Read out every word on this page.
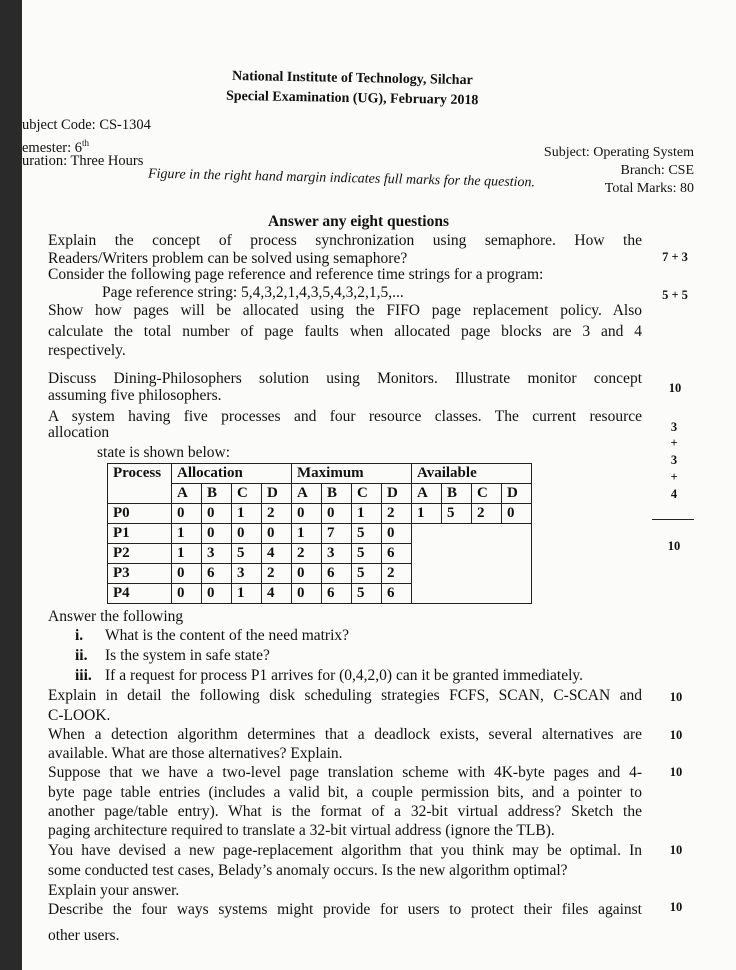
National Institute of Technology, Silchar
Special Examination (UG), February 2018
ubject Code: CS-1304
emester: 6th
uration: Three Hours
Subject: Operating System
Branch: CSE
Total Marks: 80
Figure in the right hand margin indicates full marks for the question.
Answer any eight questions
Explain the concept of process synchronization using semaphore. How the
Readers/Writers problem can be solved using semaphore?	7 + 3
Consider the following page reference and reference time strings for a program:
Page reference string: 5,4,3,2,1,4,3,5,4,3,2,1,5,...
Show how pages will be allocated using the FIFO page replacement policy. Also
calculate the total number of page faults when allocated page blocks are 3 and 4
respectively.
5 + 5
Discuss Dining-Philosophers solution using Monitors. Illustrate monitor concept
assuming five philosophers.	10
A system having five processes and four resource classes. The current resource
allocation
state is shown below:
3
+
3
+
4
10
Process	Allocation				Maximum				Available			
	A	B	C	D	A	B	C	D	A	B	C	D
P0	0	0	1	2	0	0	1	2	1	5	2	0
P1	1	0	0	0	1	7	5	0				
P2	1	3	5	4	2	3	5	6				
P3	0	6	3	2	0	6	5	2				
P4	0	0	1	4	0	6	5	6				
Answer the following
i. What is the content of the need matrix?
ii. Is the system in safe state?
iii. If a request for process P1 arrives for (0,4,2,0) can it be granted immediately.
Explain in detail the following disk scheduling strategies FCFS, SCAN, C-SCAN and
C-LOOK.
10
When a detection algorithm determines that a deadlock exists, several alternatives are
available. What are those alternatives? Explain.
10
Suppose that we have a two-level page translation scheme with 4K-byte pages and 4-
byte page table entries (includes a valid bit, a couple permission bits, and a pointer to
another page/table entry). What is the format of a 32-bit virtual address? Sketch the
paging architecture required to translate a 32-bit virtual address (ignore the TLB).
10
You have devised a new page-replacement algorithm that you think may be optimal. In
some conducted test cases, Belady’s anomaly occurs. Is the new algorithm optimal?
Explain your answer.
10
Describe the four ways systems might provide for users to protect their files against
other users.
10
